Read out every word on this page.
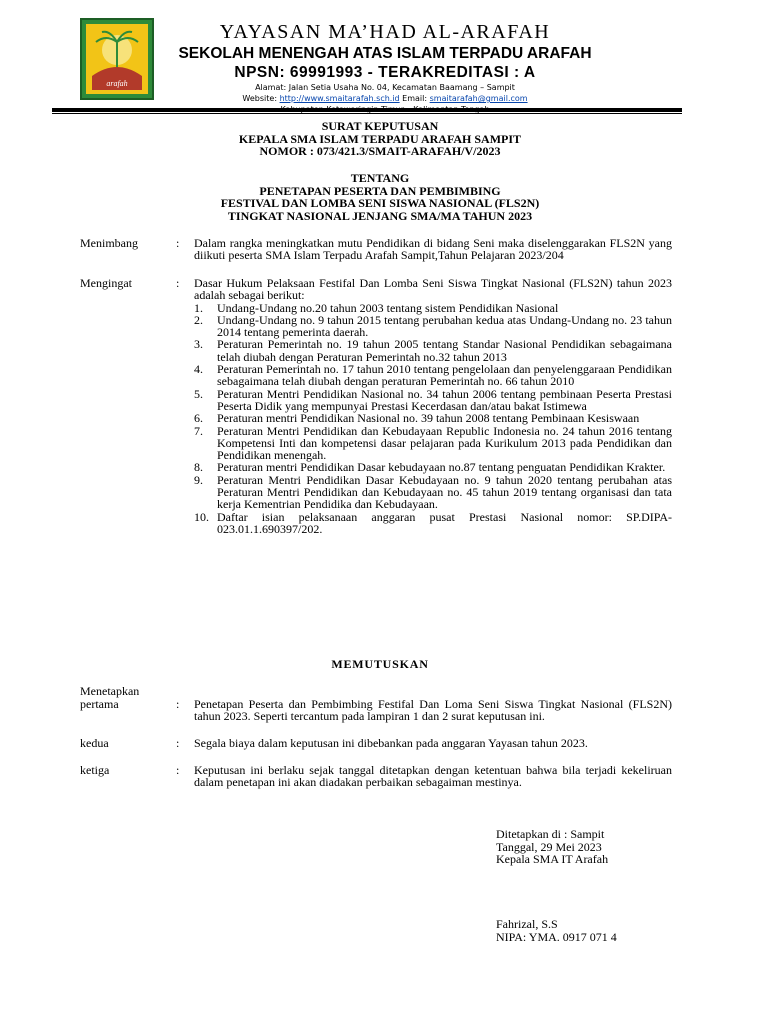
arafah
YAYASAN MA’HAD AL-ARAFAH
SEKOLAH MENENGAH ATAS ISLAM TERPADU ARAFAH
NPSN: 69991993 - TERAKREDITASI : A
Alamat: Jalan Setia Usaha No. 04, Kecamatan Baamang – Sampit
Website: http://www.smaitarafah.sch.id Email: smaitarafah@gmail.com
SURAT KEPUTUSAN
KEPALA SMA ISLAM TERPADU ARAFAH SAMPIT
NOMOR : 073/421.3/SMAIT-ARAFAH/V/2023
TENTANG
PENETAPAN PESERTA DAN PEMBIMBING
FESTIVAL DAN LOMBA SENI SISWA NASIONAL (FLS2N)
TINGKAT NASIONAL JENJANG SMA/MA TAHUN 2023
Menimbang	: Dalam rangka meningkatkan mutu Pendidikan di bidang Seni maka diselenggarakan FLS2N yang diikuti peserta SMA Islam Terpadu Arafah Sampit,Tahun Pelajaran 2023/204
Mengingat	: Dasar Hukum Pelaksaan Festifal Dan Lomba Seni Siswa Tingkat Nasional (FLS2N) tahun 2023 adalah sebagai berikut:
1. Undang-Undang no.20 tahun 2003 tentang sistem Pendidikan Nasional
2. Undang-Undang no. 9 tahun 2015 tentang perubahan kedua atas Undang-Undang no. 23 tahun 2014 tentang pemerinta daerah.
3. Peraturan Pemerintah no. 19 tahun 2005 tentang Standar Nasional Pendidikan sebagaimana telah diubah dengan Peraturan Pemerintah no.32 tahun 2013
4. Peraturan Pemerintah no. 17 tahun 2010 tentang pengelolaan dan penyelenggaraan Pendidikan sebagaimana telah diubah dengan peraturan Pemerintah no. 66 tahun 2010
5. Peraturan Mentri Pendidikan Nasional no. 34 tahun 2006 tentang pembinaan Peserta Prestasi Peserta Didik yang mempunyai Prestasi Kecerdasan dan/atau bakat Istimewa
6. Peraturan mentri Pendidikan Nasional no. 39 tahun 2008 tentang Pembinaan Kesiswaan
7. Peraturan Mentri Pendidikan dan Kebudayaan Republic Indonesia no. 24 tahun 2016 tentang Kompetensi Inti dan kompetensi dasar pelajaran pada Kurikulum 2013 pada Pendidikan dan Pendidikan menengah.
8. Peraturan mentri Pendidikan Dasar kebudayaan no.87 tentang penguatan Pendidikan Krakter.
9. Peraturan Mentri Pendidikan Dasar Kebudayaan no. 9 tahun 2020 tentang perubahan atas Peraturan Mentri Pendidikan dan Kebudayaan no. 45 tahun 2019 tentang organisasi dan tata kerja Kementrian Pendidika dan Kebudayaan.
10. Daftar isian pelaksanaan anggaran pusat Prestasi Nasional nomor: SP.DIPA-023.01.1.690397/202.
MEMUTUSKAN
Menetapkan
pertama	: Penetapan Peserta dan Pembimbing Festifal Dan Loma Seni Siswa Tingkat Nasional (FLS2N) tahun 2023. Seperti tercantum pada lampiran 1 dan 2 surat keputusan ini.
kedua	: Segala biaya dalam keputusan ini dibebankan pada anggaran Yayasan tahun 2023.
ketiga	: Keputusan ini berlaku sejak tanggal ditetapkan dengan ketentuan bahwa bila terjadi kekeliruan dalam penetapan ini akan diadakan perbaikan sebagaiman mestinya.
Ditetapkan di : Sampit
Tanggal, 29 Mei 2023
Kepala SMA IT Arafah
Fahrizal, S.S
NIPA: YMA. 0917 071 4
